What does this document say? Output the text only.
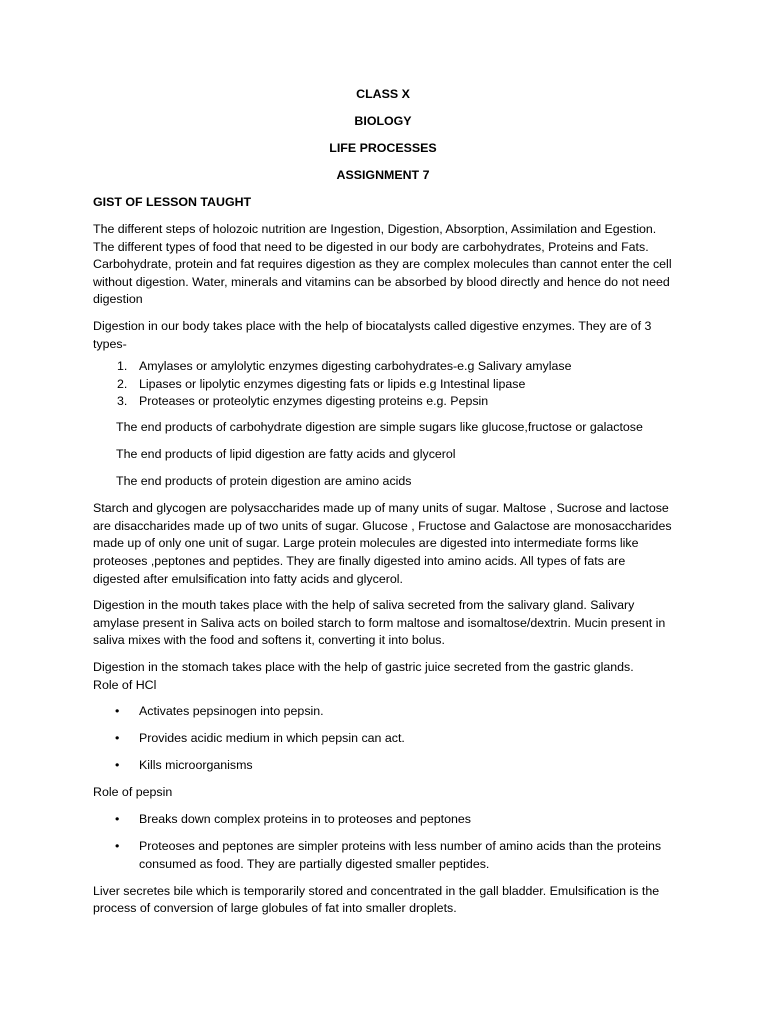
CLASS X
BIOLOGY
LIFE PROCESSES
ASSIGNMENT 7
GIST OF LESSON TAUGHT

The different steps of holozoic nutrition are Ingestion, Digestion, Absorption, Assimilation and Egestion. The different types of food that need to be digested in our body are carbohydrates, Proteins and Fats. Carbohydrate, protein and fat requires digestion as they are complex molecules than cannot enter the cell without digestion. Water, minerals and vitamins can be absorbed by blood directly and hence do not need digestion

Digestion in our body takes place with the help of biocatalysts called digestive enzymes. They are of 3 types-

1. Amylases or amylolytic enzymes digesting carbohydrates-e.g Salivary amylase
2. Lipases or lipolytic enzymes digesting fats or lipids e.g Intestinal lipase
3. Proteases or proteolytic enzymes digesting proteins e.g. Pepsin
The end products of carbohydrate digestion are simple sugars like glucose,fructose or galactose
The end products of lipid digestion are fatty acids and glycerol
The end products of protein digestion are amino acids

Starch and glycogen are polysaccharides made up of many units of sugar. Maltose , Sucrose and lactose are disaccharides made up of two units of sugar. Glucose , Fructose and Galactose are monosaccharides made up of only one unit of sugar. Large protein molecules are digested into intermediate forms like proteoses ,peptones and peptides. They are finally digested into amino acids. All types of fats are digested after emulsification into fatty acids and glycerol.

Digestion in the mouth takes place with the help of saliva secreted from the salivary gland. Salivary amylase present in Saliva acts on boiled starch to form maltose and isomaltose/dextrin. Mucin present in saliva mixes with the food and softens it, converting it into bolus.

Digestion in the stomach takes place with the help of gastric juice secreted from the gastric glands.
Role of HCl

• Activates pepsinogen into pepsin.
• Provides acidic medium in which pepsin can act.
• Kills microorganisms

Role of pepsin

• Breaks down complex proteins in to proteoses and peptones
• Proteoses and peptones are simpler proteins with less number of amino acids than the proteins consumed as food. They are partially digested smaller peptides.

Liver secretes bile which is temporarily stored and concentrated in the gall bladder. Emulsification is the process of conversion of large globules of fat into smaller droplets.
